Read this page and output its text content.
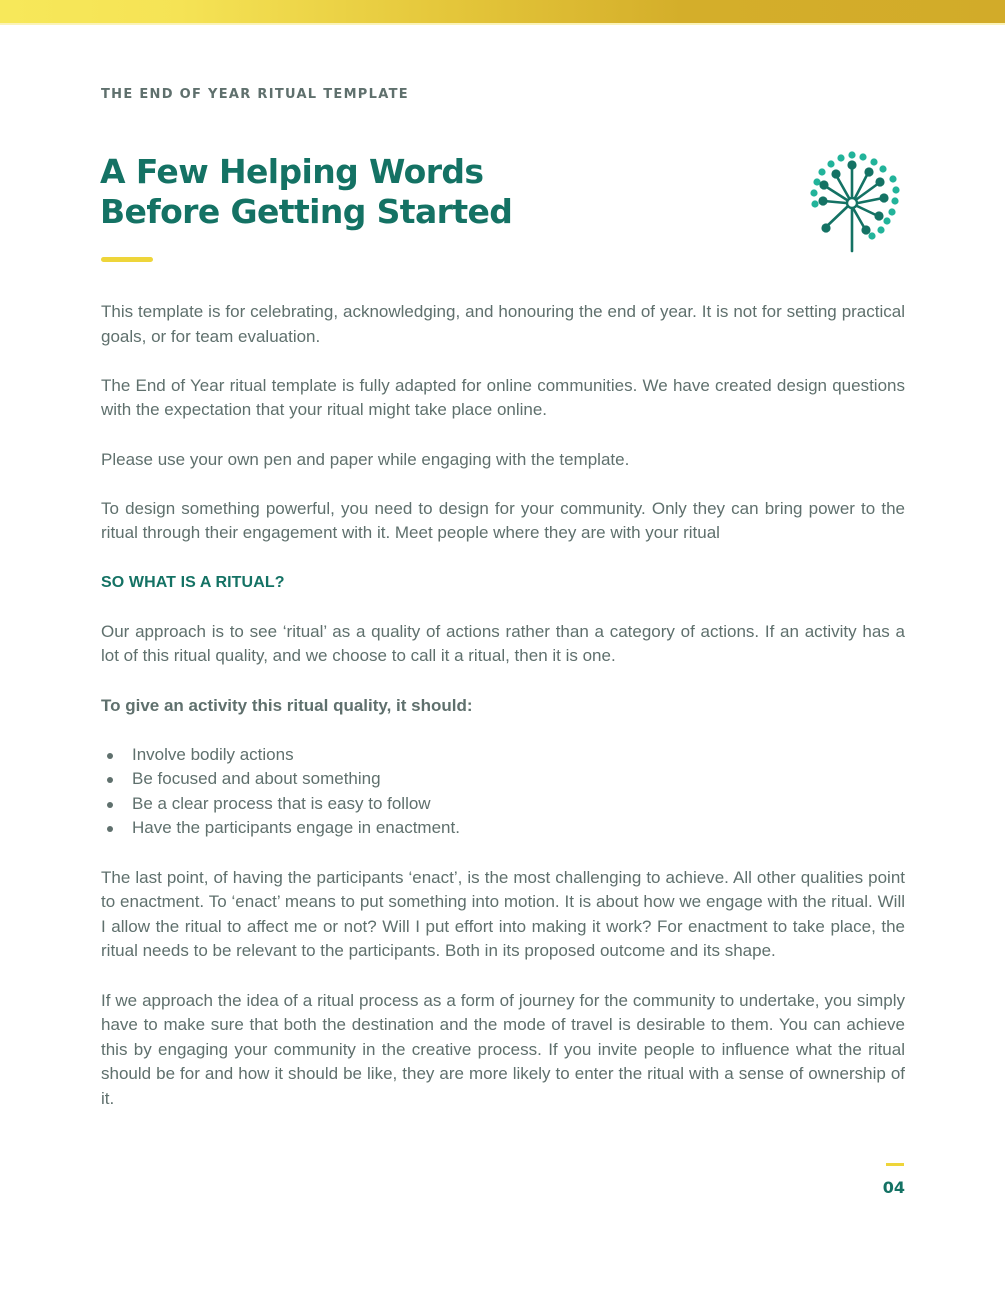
THE END OF YEAR RITUAL TEMPLATE
A Few Helping Words
Before Getting Started

This template is for celebrating, acknowledging, and honouring the end of year. It is not for setting practical goals, or for team evaluation.

The End of Year ritual template is fully adapted for online communities. We have created design questions with the expectation that your ritual might take place online.

Please use your own pen and paper while engaging with the template.

To design something powerful, you need to design for your community. Only they can bring power to the ritual through their engagement with it. Meet people where they are with your ritual

SO WHAT IS A RITUAL?

Our approach is to see ‘ritual’ as a quality of actions rather than a category of actions. If an activity has a lot of this ritual quality, and we choose to call it a ritual, then it is one.

To give an activity this ritual quality, it should:
Involve bodily actions
Be focused and about something
Be a clear process that is easy to follow
Have the participants engage in enactment.

The last point, of having the participants ‘enact’, is the most challenging to achieve. All other qualities point to enactment. To ‘enact’ means to put something into motion. It is about how we engage with the ritual. Will I allow the ritual to affect me or not? Will I put effort into making it work? For enactment to take place, the ritual needs to be relevant to the participants. Both in its proposed outcome and its shape.

If we approach the idea of a ritual process as a form of journey for the community to undertake, you simply have to make sure that both the destination and the mode of travel is desirable to them. You can achieve this by engaging your community in the creative process. If you invite people to influence what the ritual should be for and how it should be like, they are more likely to enter the ritual with a sense of ownership of it.

04
